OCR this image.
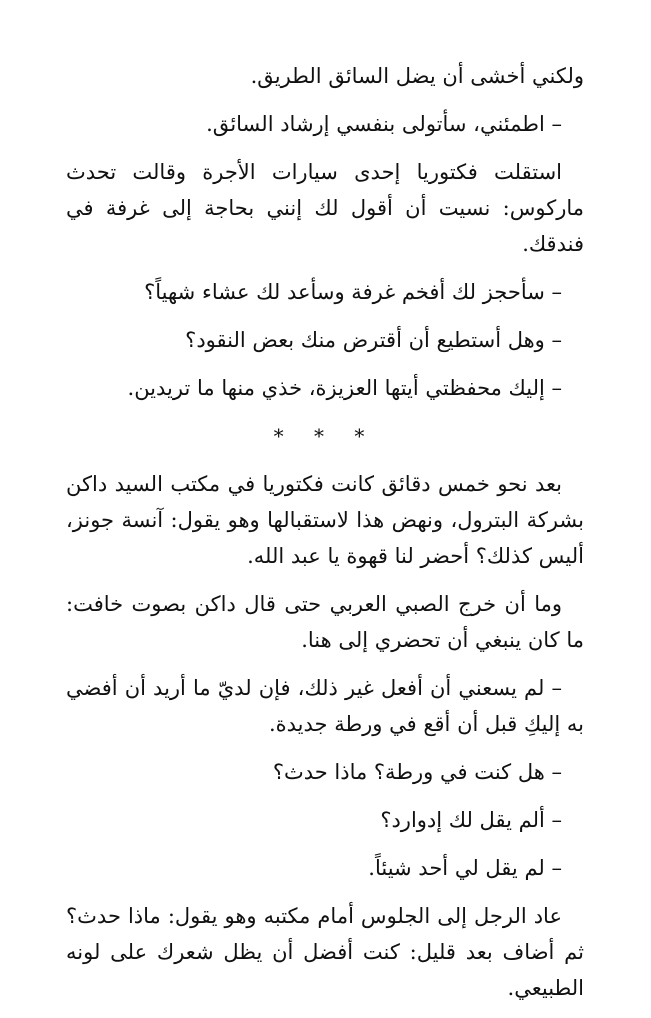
ولكني أخشى أن يضل السائق الطريق.

– اطمئني، سأتولى بنفسي إرشاد السائق.

استقلت فكتوريا إحدى سيارات الأجرة وقالت تحدث ماركوس: نسيت أن أقول لك إنني بحاجة إلى غرفة في فندقك.

– سأحجز لك أفخم غرفة وسأعد لك عشاء شهياً؟

– وهل أستطيع أن أقترض منك بعض النقود؟

– إليك محفظتي أيتها العزيزة، خذي منها ما تريدين.

* * *

بعد نحو خمس دقائق كانت فكتوريا في مكتب السيد داكن بشركة البترول، ونهض هذا لاستقبالها وهو يقول: آنسة جونز، أليس كذلك؟ أحضر لنا قهوة يا عبد الله.

وما أن خرج الصبي العربي حتى قال داكن بصوت خافت: ما كان ينبغي أن تحضري إلى هنا.

– لم يسعني أن أفعل غير ذلك، فإن لديّ ما أريد أن أفضي به إليكِ قبل أن أقع في ورطة جديدة.

– هل كنت في ورطة؟ ماذا حدث؟

– ألم يقل لك إدوارد؟

– لم يقل لي أحد شيئاً.

عاد الرجل إلى الجلوس أمام مكتبه وهو يقول: ماذا حدث؟ ثم أضاف بعد قليل: كنت أفضل أن يظل شعرك على لونه الطبيعي.
